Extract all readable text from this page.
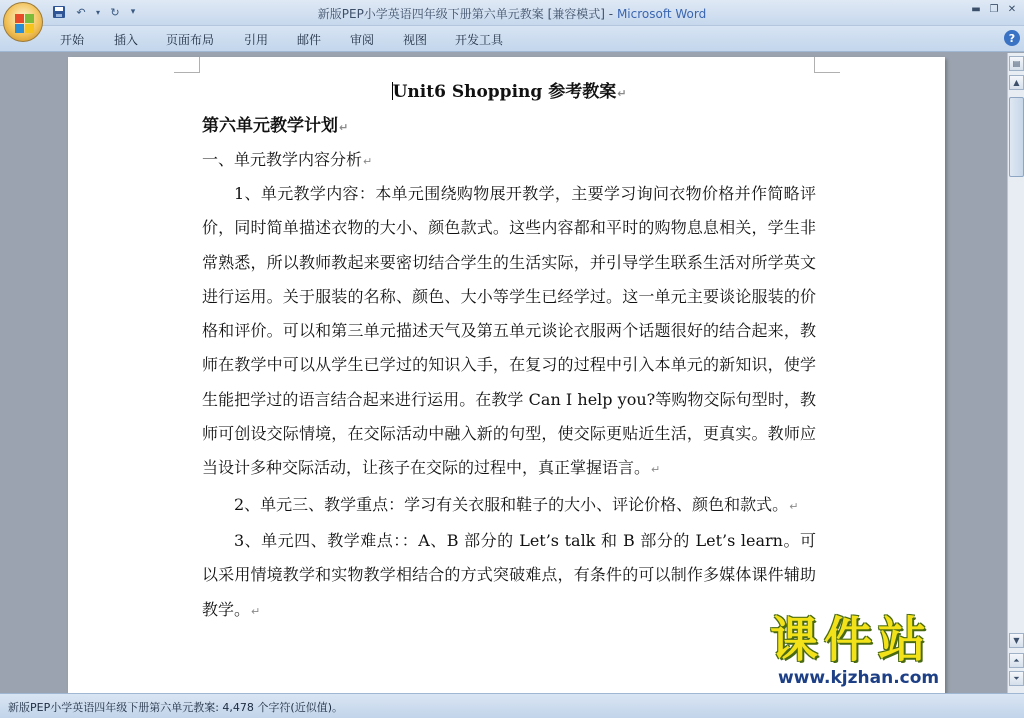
↶	▾ ↻	▾	新版PEP小学英语四年级下册第六单元教案 [兼容模式] - Microsoft Word	▬ ❐ ✕
开始 插入 页面布局 引用 邮件 审阅 视图 开发工具	?
Unit6 Shopping 参考教案↵
第六单元教学计划↵
一、单元教学内容分析↵
1、单元教学内容：本单元围绕购物展开教学，主要学习询问衣物价格并作简略评价，同时简单描述衣物的大小、颜色款式。这些内容都和平时的购物息息相关，学生非常熟悉，所以教师教起来要密切结合学生的生活实际，并引导学生联系生活对所学英文进行运用。关于服装的名称、颜色、大小等学生已经学过。这一单元主要谈论服装的价格和评价。可以和第三单元描述天气及第五单元谈论衣服两个话题很好的结合起来，教师在教学中可以从学生已学过的知识入手，在复习的过程中引入本单元的新知识，使学生能把学过的语言结合起来进行运用。在教学 Can I help you?等购物交际句型时，教师可创设交际情境，在交际活动中融入新的句型，使交际更贴近生活，更真实。教师应当设计多种交际活动，让孩子在交际的过程中，真正掌握语言。↵
2、单元三、教学重点：学习有关衣服和鞋子的大小、评论价格、颜色和款式。↵
3、单元四、教学难点：：A、B 部分的 Let’s talk 和 B 部分的 Let’s learn。可以采用情境教学和实物教学相结合的方式突破难点，有条件的可以制作多媒体课件辅助教学。↵
▤
▲
▼
⏶
⏷
新版PEP小学英语四年级下册第六单元教案: 4,478 个字符(近似值)。
课件站
www.kjzhan.com
